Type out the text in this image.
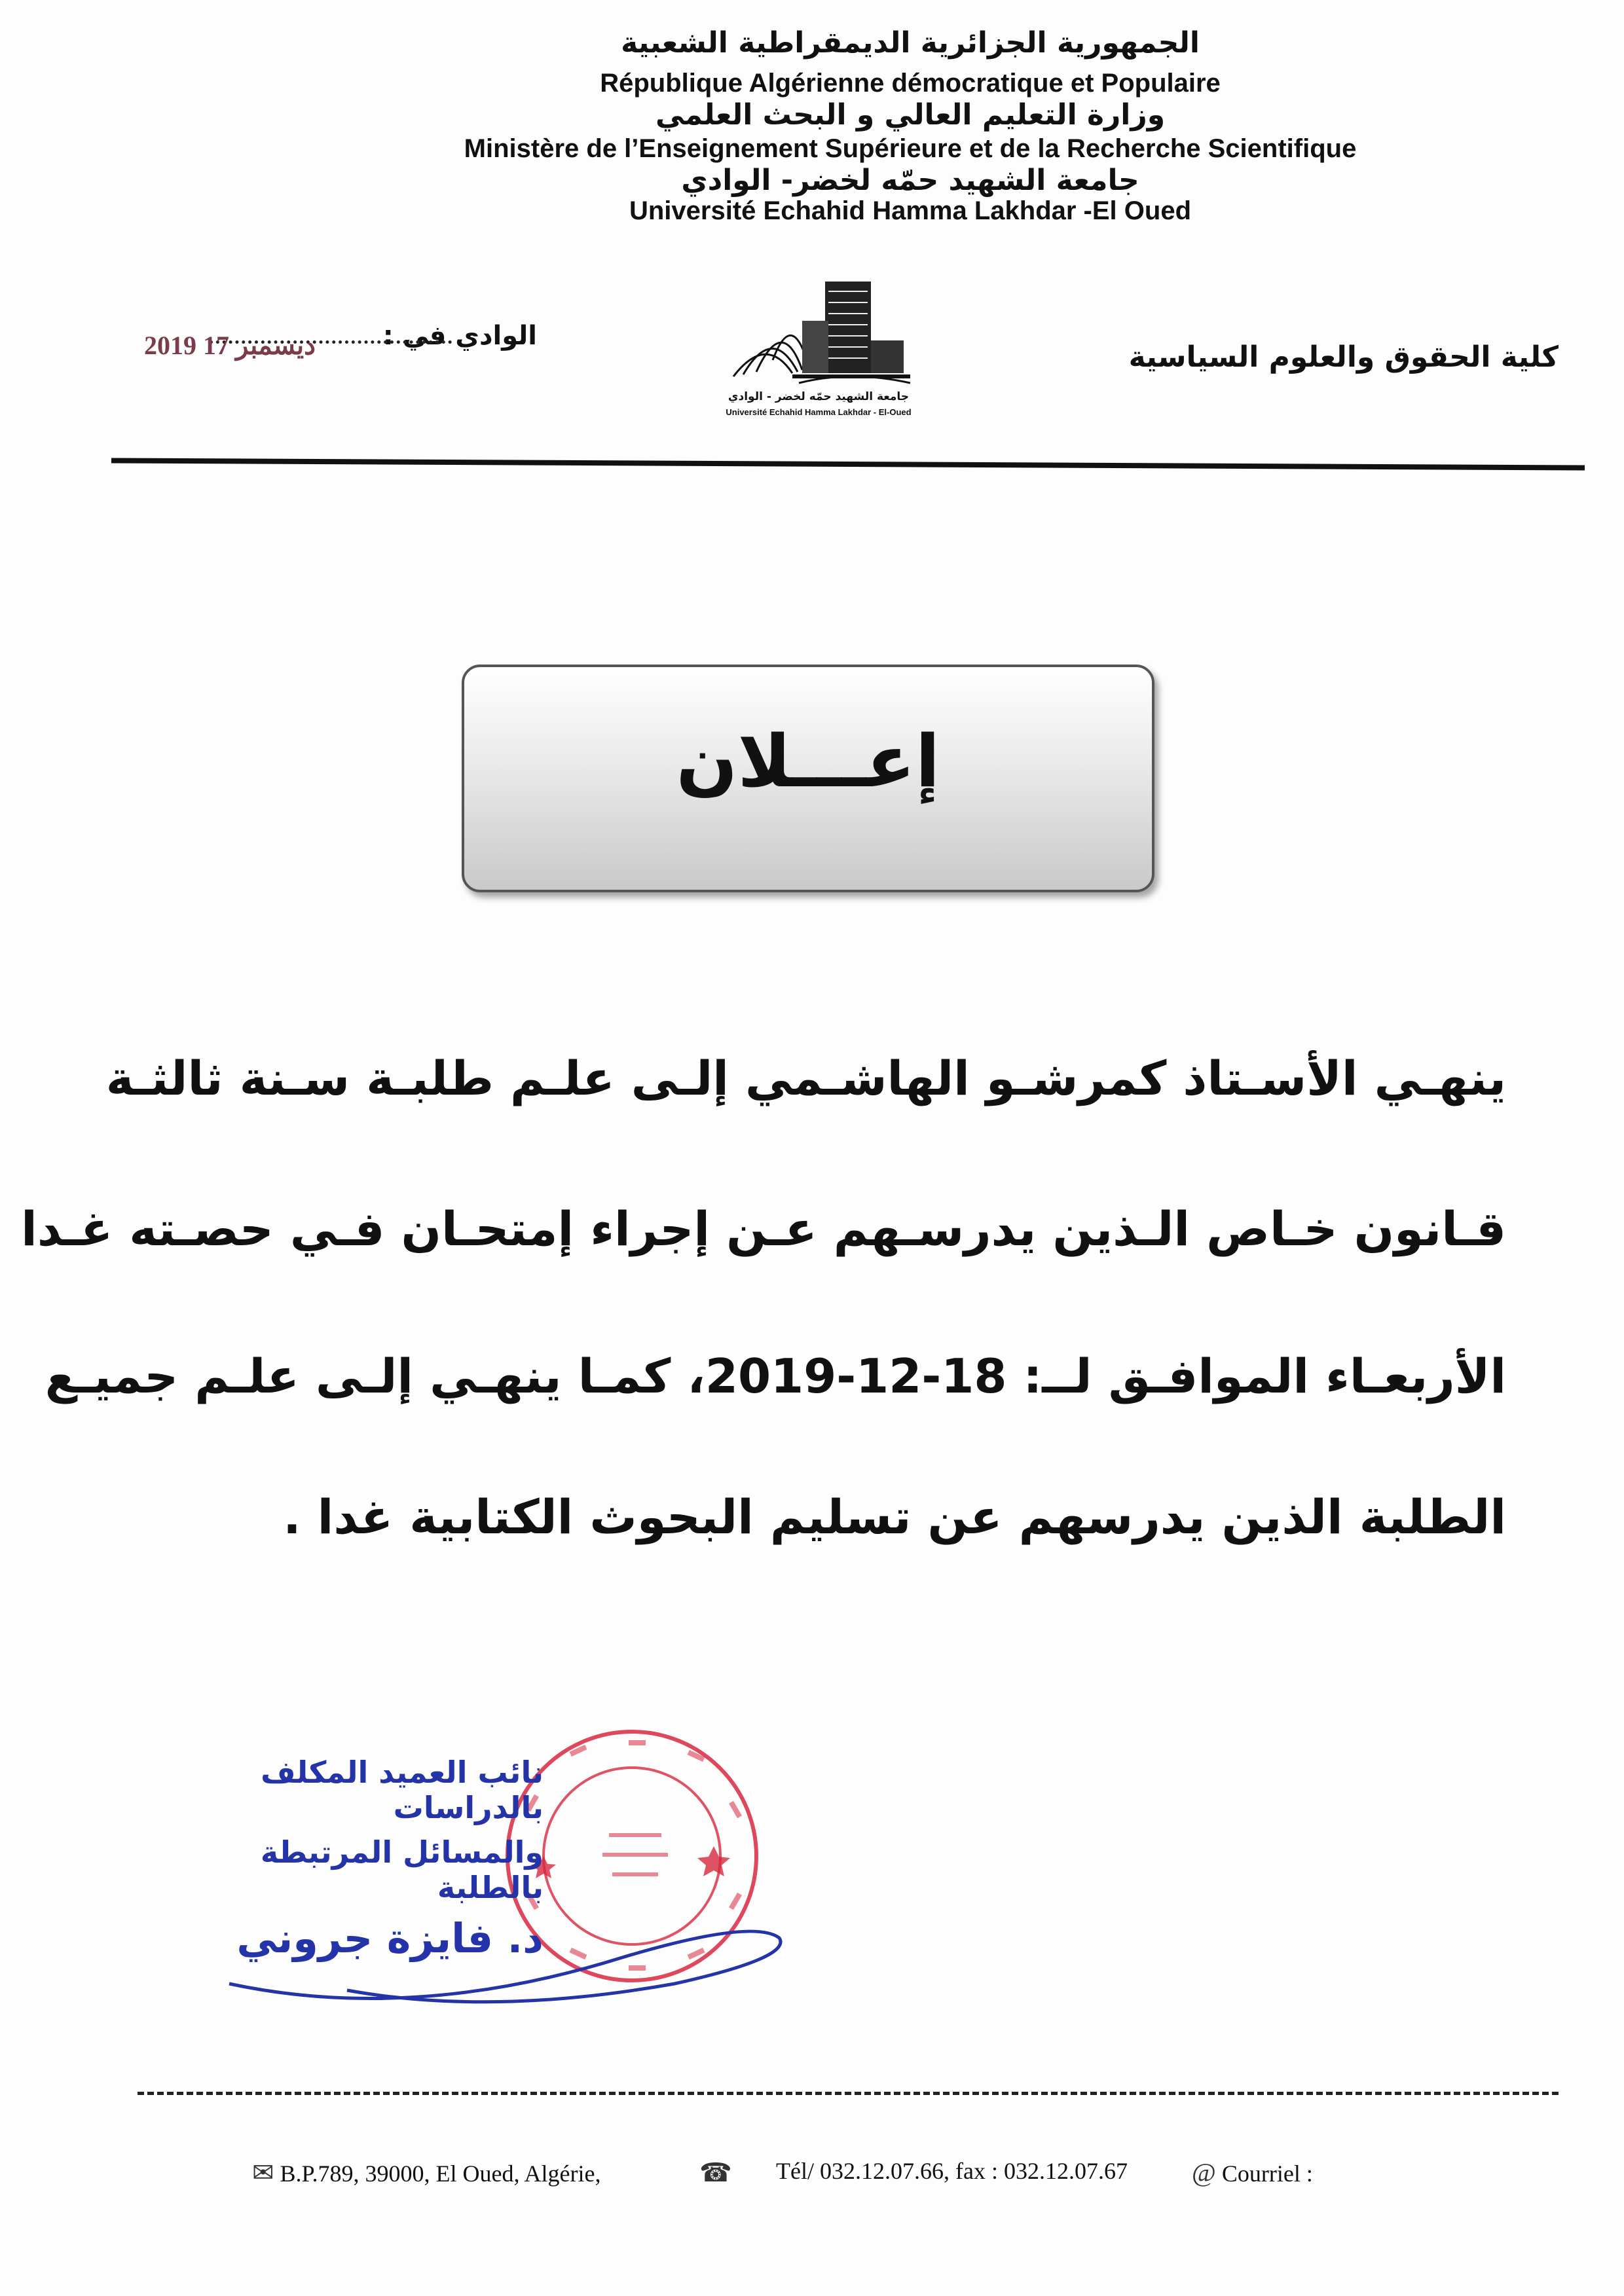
الجمهورية الجزائرية الديمقراطية الشعبية
République Algérienne démocratique et Populaire
وزارة التعليم العالي و البحث العلمي
Ministère de l’Enseignement Supérieure et de la Recherche Scientifique
جامعة الشهيد حمّه لخضر- الوادي
Université Echahid Hamma Lakhdar -El Oued
كلية الحقوق والعلوم السياسية
الوادي في :
2019 ديسمبر 17
جامعة الشهيد حمّه لخضر - الوادي
Université Echahid Hamma Lakhdar - El-Oued
إعـــلان
ينهـي الأسـتاذ كمرشـو الهاشـمي إلـى علـم طلبـة سـنة ثالثـة
قـانون خـاص الـذين يدرسـهم عـن إجراء إمتحـان فـي حصـته غـدا
الأربعـاء الموافـق لــ: 18-12-2019، كمـا ينهـي إلـى علـم جميـع
الطلبة الذين يدرسهم عن تسليم البحوث الكتابية غدا .
نائب العميد المكلف بالدراسات
والمسائل المرتبطة بالطلبة
د. فايزة جروني
✉ B.P.789, 39000, El Oued, Algérie,	☎ Tél/ 032.12.07.66, fax : 032.12.07.67 @ Courriel :
